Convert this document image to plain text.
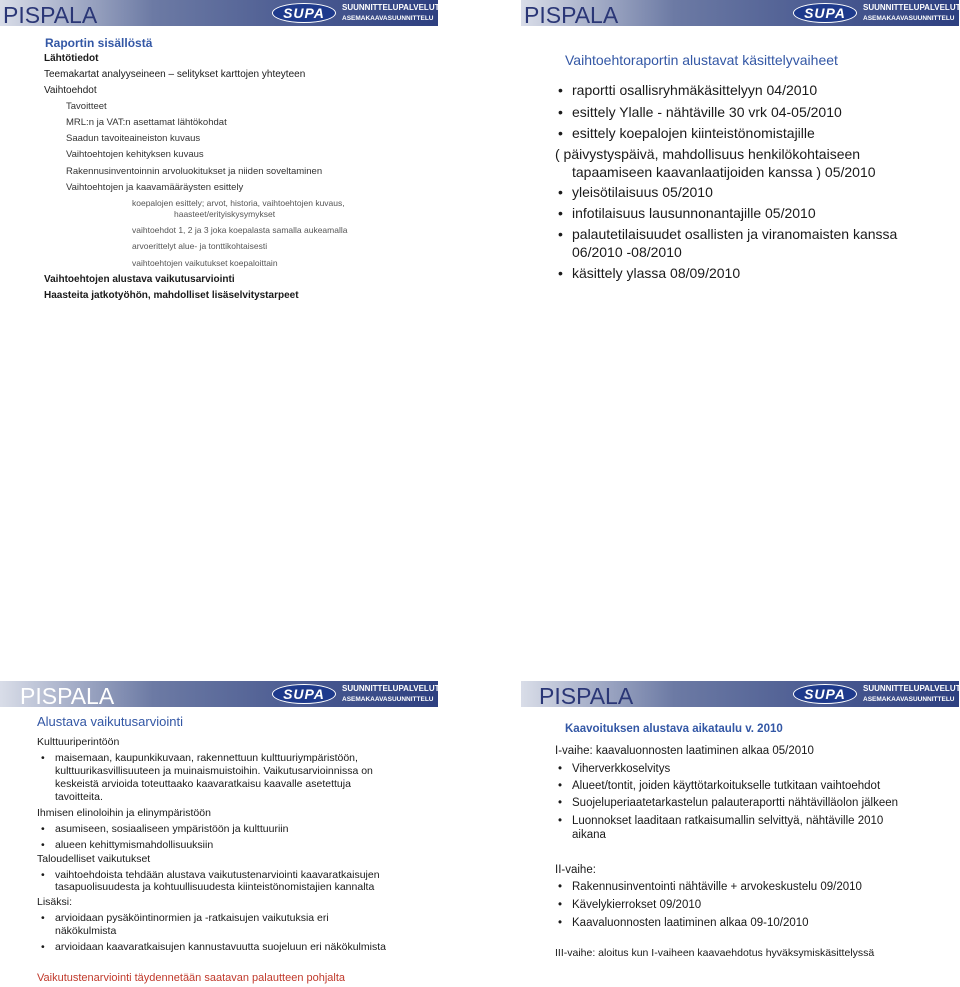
PISPALA	SUPA	SUUNNITTELUPALVELUT
ASEMAKAAVASUUNNITTELU
Raportin sisällöstä
Lähtötiedot
Teemakartat analyyseineen – selitykset karttojen yhteyteen
Vaihtoehdot
Tavoitteet
MRL:n ja VAT:n asettamat lähtökohdat
Saadun tavoiteaineiston kuvaus
Vaihtoehtojen kehityksen kuvaus
Rakennusinventoinnin arvoluokitukset ja niiden soveltaminen
Vaihtoehtojen ja kaavamääräysten esittely
koepalojen esittely; arvot, historia, vaihtoehtojen kuvaus,
haasteet/erityiskysymykset
vaihtoehdot 1, 2 ja 3 joka koepalasta samalla aukeamalla
arvoerittelyt alue- ja tonttikohtaisesti
vaihtoehtojen vaikutukset koepaloittain
Vaihtoehtojen alustava vaikutusarviointi
Haasteita jatkotyöhön, mahdolliset lisäselvitystarpeet
PISPALA	SUPA	SUUNNITTELUPALVELUT
ASEMAKAAVASUUNNITTELU
Vaihtoehtoraportin alustavat käsittelyvaiheet
• raportti osallisryhmäkäsittelyyn 04/2010
• esittely Ylalle - nähtäville 30 vrk 04-05/2010
• esittely koepalojen kiinteistönomistajille
( päivystyspäivä, mahdollisuus henkilökohtaiseen
tapaamiseen kaavanlaatijoiden kanssa ) 05/2010
• yleisötilaisuus 05/2010
• infotilaisuus lausunnonantajille 05/2010
• palautetilaisuudet osallisten ja viranomaisten kanssa
06/2010 -08/2010
• käsittely ylassa 08/09/2010
PISPALA	SUPA	SUUNNITTELUPALVELUT
ASEMAKAAVASUUNNITTELU
Alustava vaikutusarviointi
Kulttuuriperintöön
• maisemaan, kaupunkikuvaan, rakennettuun kulttuuriympäristöön,
kulttuurikasvillisuuteen ja muinaismuistoihin. Vaikutusarvioinnissa on
keskeistä arvioida toteuttaako kaavaratkaisu kaavalle asetettuja
tavoitteita.
Ihmisen elinoloihin ja elinympäristöön
• asumiseen, sosiaaliseen ympäristöön ja kulttuuriin
• alueen kehittymismahdollisuuksiin
Taloudelliset vaikutukset
• vaihtoehdoista tehdään alustava vaikutustenarviointi kaavaratkaisujen
tasapuolisuudesta ja kohtuullisuudesta kiinteistönomistajien kannalta
Lisäksi:
• arvioidaan pysäköintinormien ja -ratkaisujen vaikutuksia eri
näkökulmista
• arvioidaan kaavaratkaisujen kannustavuutta suojeluun eri näkökulmista
Vaikutustenarviointi täydennetään saatavan palautteen pohjalta
PISPALA	SUPA	SUUNNITTELUPALVELUT
ASEMAKAAVASUUNNITTELU
Kaavoituksen alustava aikataulu v. 2010
I-vaihe: kaavaluonnosten laatiminen alkaa 05/2010
• Viherverkkoselvitys
• Alueet/tontit, joiden käyttötarkoitukselle tutkitaan vaihtoehdot
• Suojeluperiaatetarkastelun palauteraportti nähtävilläolon jälkeen
• Luonnokset laaditaan ratkaisumallin selvittyä, nähtäville 2010
aikana
II-vaihe:
• Rakennusinventointi nähtäville + arvokeskustelu 09/2010
• Kävelykierrokset 09/2010
• Kaavaluonnosten laatiminen alkaa 09-10/2010
III-vaihe: aloitus kun I-vaiheen kaavaehdotus hyväksymiskäsittelyssä
